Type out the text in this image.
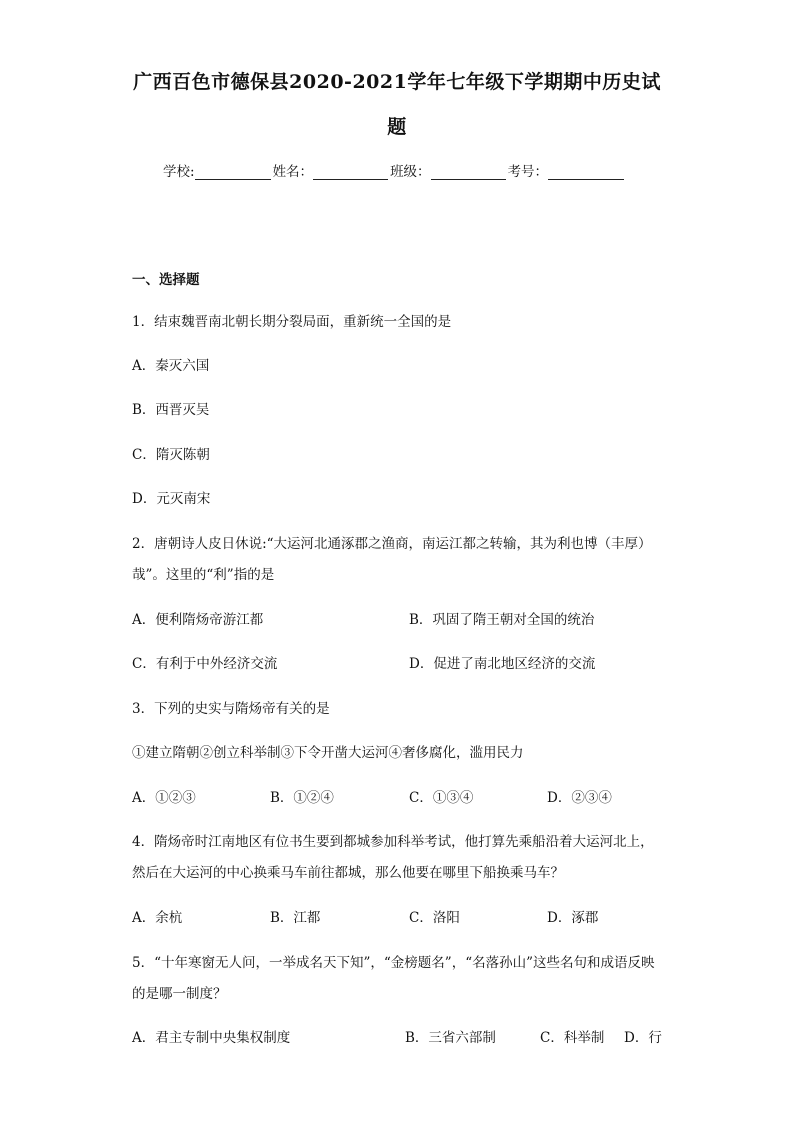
广西百色市德保县2020-2021学年七年级下学期期中历史试
题
学校:	姓名：	班级：	考号：
一、选择题
1．结束魏晋南北朝长期分裂局面，重新统一全国的是
A．秦灭六国
B．西晋灭吴
C．隋灭陈朝
D．元灭南宋
2．唐朝诗人皮日休说:“大运河北通涿郡之渔商，南运江都之转输，其为利也博（丰厚）
哉”。这里的“利”指的是
A．便利隋炀帝游江都	B．巩固了隋王朝对全国的统治
C．有利于中外经济交流	D．促进了南北地区经济的交流
3．下列的史实与隋炀帝有关的是
①建立隋朝②创立科举制③下令开凿大运河④奢侈腐化，滥用民力
A．①②③	B．①②④	C．①③④	D．②③④
4．隋炀帝时江南地区有位书生要到都城参加科举考试，他打算先乘船沿着大运河北上，
然后在大运河的中心换乘马车前往都城，那么他要在哪里下船换乘马车？
A．余杭	B．江都	C．洛阳	D．涿郡
5．“十年寒窗无人问，一举成名天下知”，“金榜题名”，“名落孙山”这些名句和成语反映
的是哪一制度？
A．君主专制中央集权制度	B．三省六部制	C．科举制 D．行
